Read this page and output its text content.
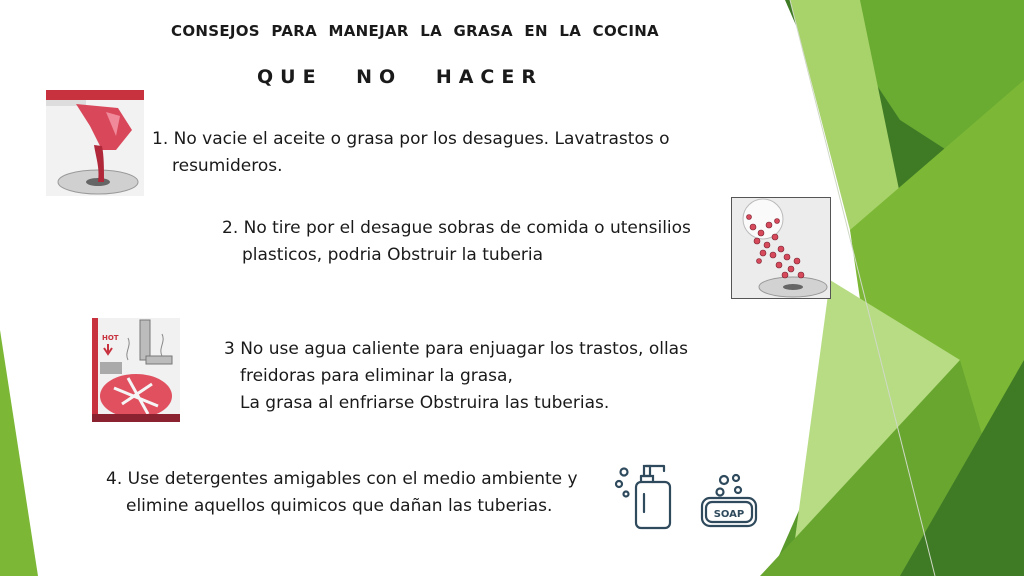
CONSEJOS PARA MANEJAR LA GRASA EN LA COCINA
QUE NO HACER
1. No vacie el aceite o grasa por los desagues. Lavatrastos o
resumideros.
2. No tire por el desague sobras de comida o utensilios
plasticos, podria Obstruir la tuberia
HOT
3 No use agua caliente para enjuagar los trastos, ollas
freidoras para eliminar la grasa,
La grasa al enfriarse Obstruira las tuberias.
4. Use detergentes amigables con el medio ambiente y
elimine aquellos quimicos que dañan las tuberias.	SOAP
